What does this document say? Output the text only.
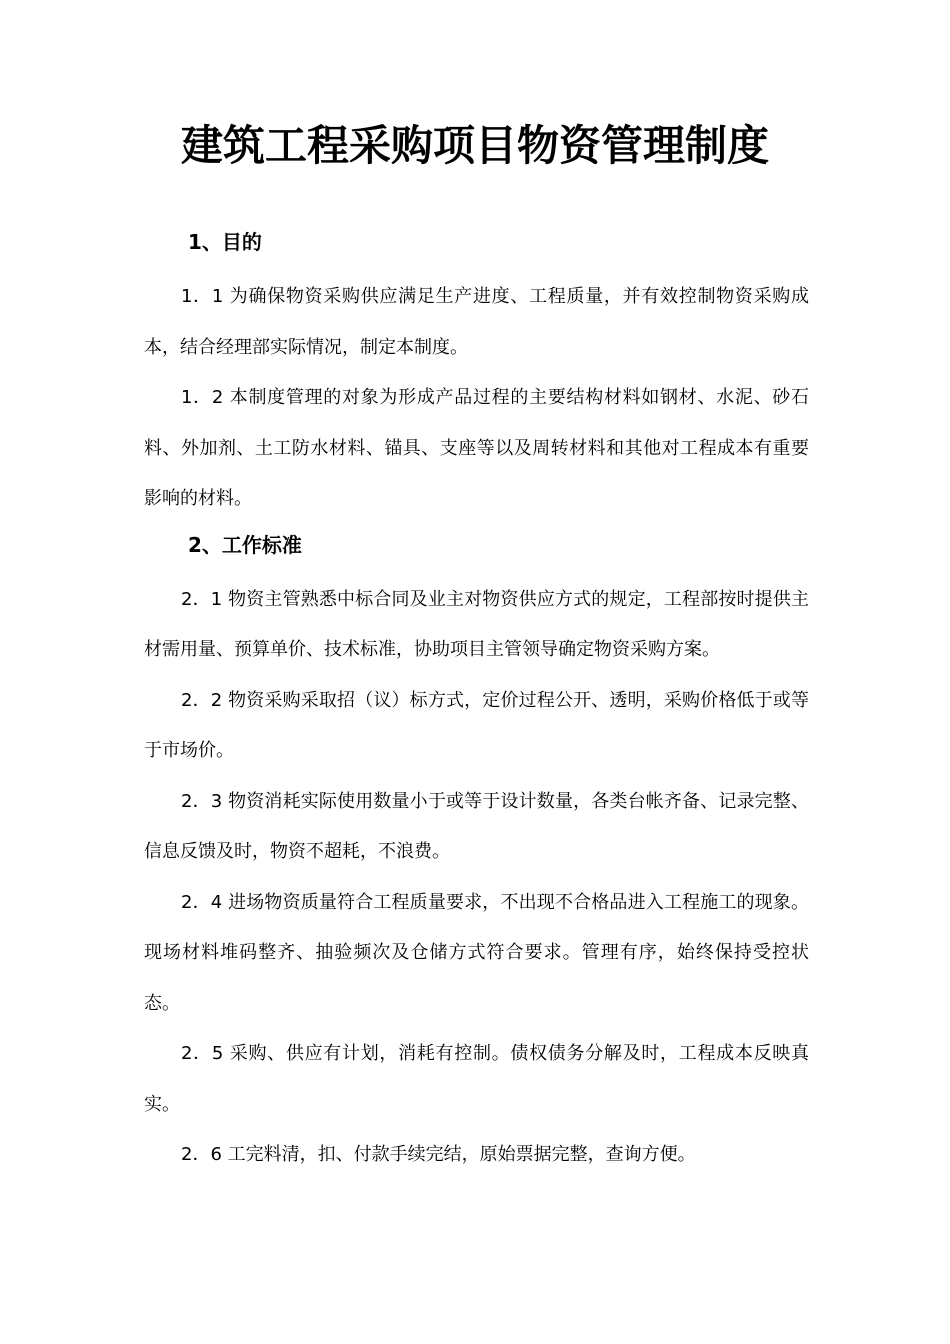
建筑工程采购项目物资管理制度
1、目的

1．1 为确保物资采购供应满足生产进度、工程质量，并有效控制物资采购成本，结合经理部实际情况，制定本制度。

1．2 本制度管理的对象为形成产品过程的主要结构材料如钢材、水泥、砂石料、外加剂、土工防水材料、锚具、支座等以及周转材料和其他对工程成本有重要影响的材料。

2、工作标准

2．1 物资主管熟悉中标合同及业主对物资供应方式的规定，工程部按时提供主材需用量、预算单价、技术标准，协助项目主管领导确定物资采购方案。

2．2 物资采购采取招（议）标方式，定价过程公开、透明，采购价格低于或等于市场价。

2．3 物资消耗实际使用数量小于或等于设计数量，各类台帐齐备、记录完整、信息反馈及时，物资不超耗，不浪费。

2．4 进场物资质量符合工程质量要求，不出现不合格品进入工程施工的现象。现场材料堆码整齐、抽验频次及仓储方式符合要求。管理有序，始终保持受控状态。

2．5 采购、供应有计划，消耗有控制。债权债务分解及时，工程成本反映真实。

2．6 工完料清，扣、付款手续完结，原始票据完整，查询方便。
